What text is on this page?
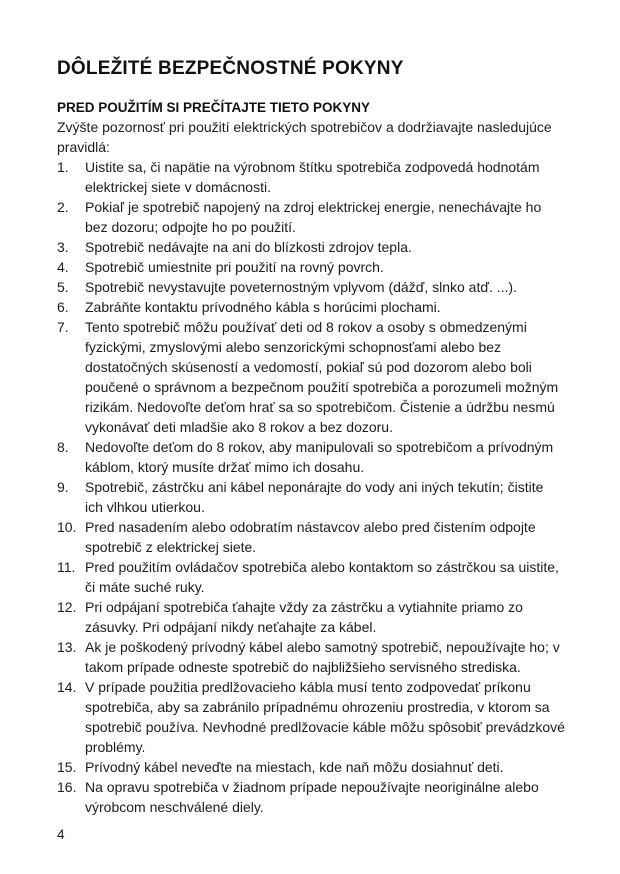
DÔLEŽITÉ BEZPEČNOSTNÉ POKYNY
PRED POUŽITÍM SI PREČÍTAJTE TIETO POKYNY

Zvýšte pozornosť pri použití elektrických spotrebičov a dodržiavajte nasledujúce pravidlá:

1.	Uistite sa, či napätie na výrobnom štítku spotrebiča zodpovedá hodnotám elektrickej siete v domácnosti.
2.	Pokiaľ je spotrebič napojený na zdroj elektrickej energie, nenechávajte ho bez dozoru; odpojte ho po použití.
3.	Spotrebič nedávajte na ani do blízkosti zdrojov tepla.
4.	Spotrebič umiestnite pri použití na rovný povrch.
5.	Spotrebič nevystavujte poveternostným vplyvom (dážď, slnko atď. ...).
6.	Zabráňte kontaktu prívodného kábla s horúcimi plochami.
7.	Tento spotrebič môžu používať deti od 8 rokov a osoby s obmedzenými fyzickými, zmyslovými alebo senzorickými schopnosťami alebo bez dostatočných skúseností a vedomostí, pokiaľ sú pod dozorom alebo boli poučené o správnom a bezpečnom použití spotrebiča a porozumeli možným rizikám. Nedovoľte deťom hrať sa so spotrebičom. Čistenie a údržbu nesmú vykonávať deti mladšie ako 8 rokov a bez dozoru.
8.	Nedovoľte deťom do 8 rokov, aby manipulovali so spotrebičom a prívodným káblom, ktorý musíte držať mimo ich dosahu.
9.	Spotrebič, zástrčku ani kábel neponárajte do vody ani iných tekutín; čistite ich vlhkou utierkou.
10. Pred nasadením alebo odobratím nástavcov alebo pred čistením odpojte spotrebič z elektrickej siete.
11. Pred použitím ovládačov spotrebiča alebo kontaktom so zástrčkou sa uistite, či máte suché ruky.
12. Pri odpájaní spotrebiča ťahajte vždy za zástrčku a vytiahnite priamo zo zásuvky. Pri odpájaní nikdy neťahajte za kábel.
13. Ak je poškodený prívodný kábel alebo samotný spotrebič, nepoužívajte ho; v takom prípade odneste spotrebič do najbližšieho servisného strediska.
14. V prípade použitia predlžovacieho kábla musí tento zodpovedať príkonu spotrebiča, aby sa zabránilo prípadnému ohrozeniu prostredia, v ktorom sa spotrebič používa. Nevhodné predlžovacie káble môžu spôsobiť prevádzkové problémy.
15. Prívodný kábel neveďte na miestach, kde naň môžu dosiahnuť deti.
16. Na opravu spotrebiča v žiadnom prípade nepoužívajte neoriginálne alebo výrobcom neschválené diely.
4
